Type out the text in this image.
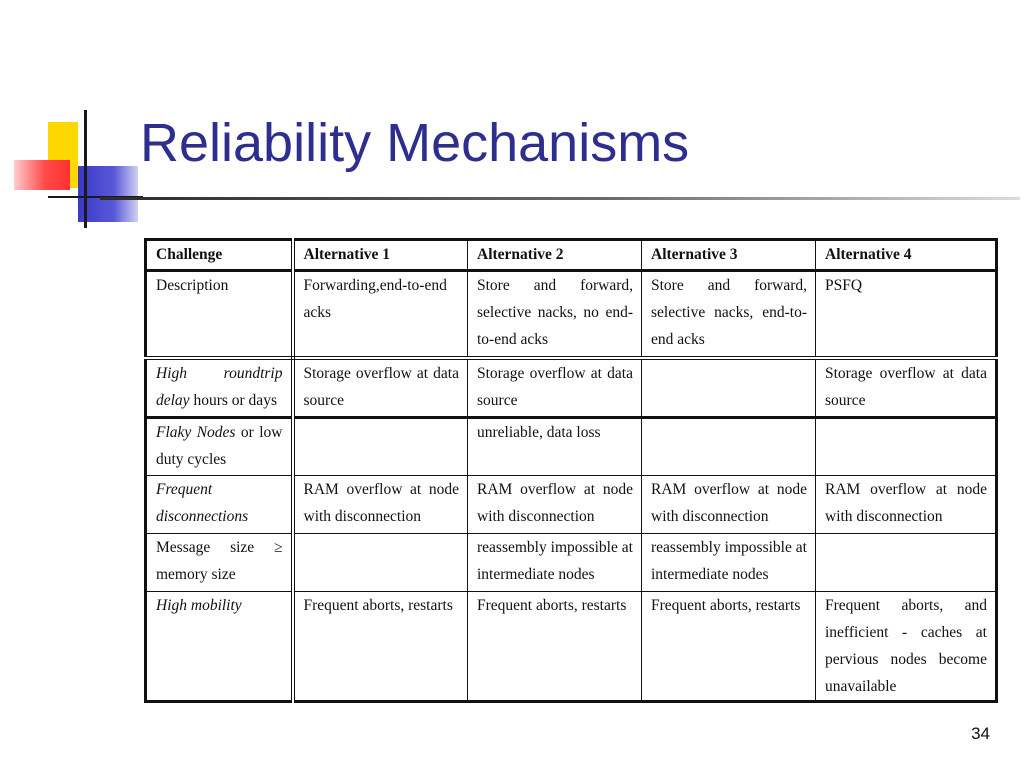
Reliability Mechanisms
Challenge	Alternative 1	Alternative 2	Alternative 3	Alternative 4
Description	Forwarding,end-to-end acks	Store and forward, selective nacks, no end-to-end acks	Store and forward, selective nacks, end-to-end acks	PSFQ
High roundtrip delay hours or days	Storage overflow at data source	Storage overflow at data source		Storage overflow at data source
Flaky Nodes or low duty cycles		unreliable, data loss		
Frequent disconnections	RAM overflow at node with disconnection	RAM overflow at node with disconnection	RAM overflow at node with disconnection	RAM overflow at node with disconnection
Message size ≥ memory size		reassembly impossible at intermediate nodes	reassembly impossible at intermediate nodes	
High mobility	Frequent aborts, restarts	Frequent aborts, restarts	Frequent aborts, restarts	Frequent aborts, and inefficient - caches at pervious nodes become unavailable
34
